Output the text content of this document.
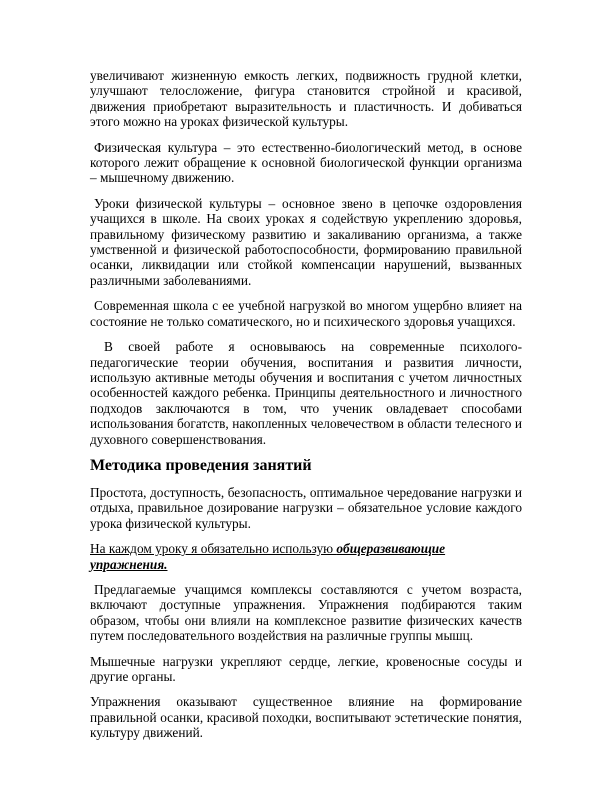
увеличивают жизненную емкость легких, подвижность грудной клетки, улучшают телосложение, фигура становится стройной и красивой, движения приобретают выразительность и пластичность. И добиваться этого можно на уроках физической культуры.

Физическая культура – это естественно-биологический метод, в основе которого лежит обращение к основной биологической функции организма – мышечному движению.

Уроки физической культуры – основное звено в цепочке оздоровления учащихся в школе. На своих уроках я содействую укреплению здоровья, правильному физическому развитию и закаливанию организма, а также умственной и физической работоспособности, формированию правильной осанки, ликвидации или стойкой компенсации нарушений, вызванных различными заболеваниями.

Современная школа с ее учебной нагрузкой во многом ущербно влияет на состояние не только соматического, но и психического здоровья учащихся.

В своей работе я основываюсь на современные психолого-педагогические теории обучения, воспитания и развития личности, использую активные методы обучения и воспитания с учетом личностных особенностей каждого ребенка. Принципы деятельностного и личностного подходов заключаются в том, что ученик овладевает способами использования богатств, накопленных человечеством в области телесного и духовного совершенствования.

Методика проведения занятий

Простота, доступность, безопасность, оптимальное чередование нагрузки и отдыха, правильное дозирование нагрузки – обязательное условие каждого урока физической культуры.

На каждом уроку я обязательно использую общеразвивающие упражнения.

Предлагаемые учащимся комплексы составляются с учетом возраста, включают доступные упражнения. Упражнения подбираются таким образом, чтобы они влияли на комплексное развитие физических качеств путем последовательного воздействия на различные группы мышц.

Мышечные нагрузки укрепляют сердце, легкие, кровеносные сосуды и другие органы.

Упражнения оказывают существенное влияние на формирование правильной осанки, красивой походки, воспитывают эстетические понятия, культуру движений.
